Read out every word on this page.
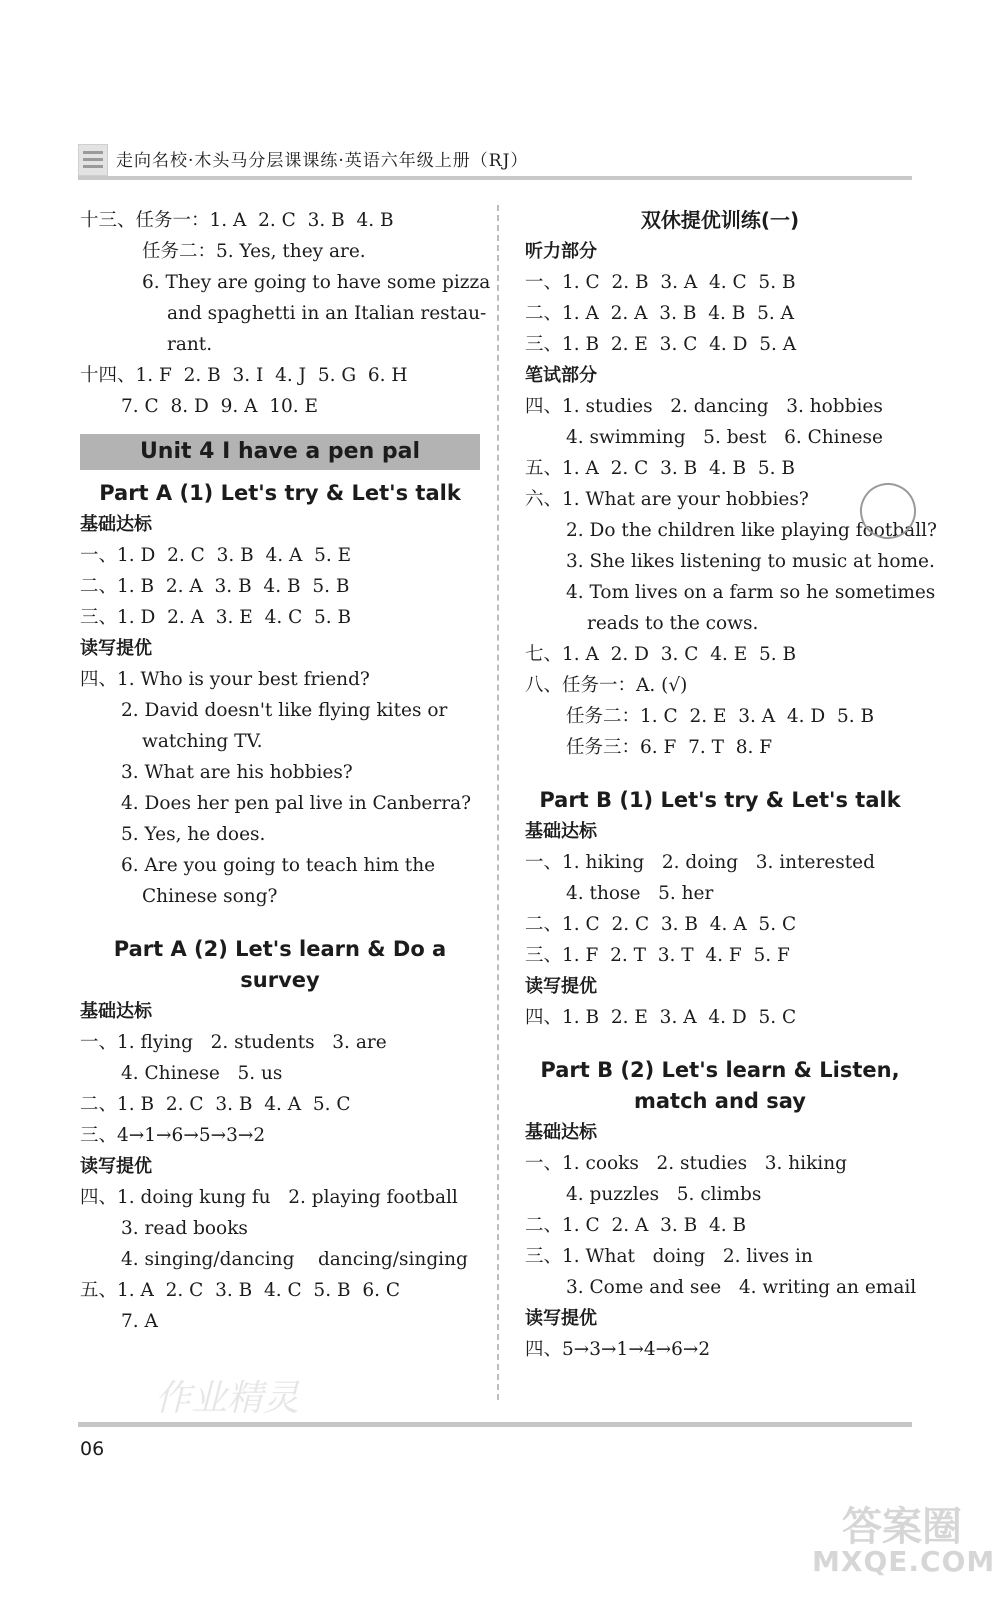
走向名校·木头马分层课课练·英语六年级上册（RJ）
十三、任务一：1. A  2. C  3. B  4. B
任务二：5. Yes, they are.
6. They are going to have some pizza
and spaghetti in an Italian restau-
rant.
十四、1. F  2. B  3. I  4. J  5. G  6. H
7. C  8. D  9. A  10. E
Unit 4 I have a pen pal
Part A (1) Let's try & Let's talk
基础达标
一、1. D  2. C  3. B  4. A  5. E
二、1. B  2. A  3. B  4. B  5. B
三、1. D  2. A  3. E  4. C  5. B
读写提优
四、1. Who is your best friend?
2. David doesn't like flying kites or
watching TV.
3. What are his hobbies?
4. Does her pen pal live in Canberra?
5. Yes, he does.
6. Are you going to teach him the
Chinese song?
Part A (2) Let's learn & Do a
survey
基础达标
一、1. flying   2. students   3. are
4. Chinese   5. us
二、1. B  2. C  3. B  4. A  5. C
三、4→1→6→5→3→2
读写提优
四、1. doing kung fu   2. playing football
3. read books
4. singing/dancing    dancing/singing
五、1. A  2. C  3. B  4. C  5. B  6. C
7. A
双休提优训练(一)
听力部分
一、1. C  2. B  3. A  4. C  5. B
二、1. A  2. A  3. B  4. B  5. A
三、1. B  2. E  3. C  4. D  5. A
笔试部分
四、1. studies   2. dancing   3. hobbies
4. swimming   5. best   6. Chinese
五、1. A  2. C  3. B  4. B  5. B
六、1. What are your hobbies?
2. Do the children like playing football?
3. She likes listening to music at home.
4. Tom lives on a farm so he sometimes
reads to the cows.
七、1. A  2. D  3. C  4. E  5. B
八、任务一：A. (√)
任务二：1. C  2. E  3. A  4. D  5. B
任务三：6. F  7. T  8. F
Part B (1) Let's try & Let's talk
基础达标
一、1. hiking   2. doing   3. interested
4. those   5. her
二、1. C  2. C  3. B  4. A  5. C
三、1. F  2. T  3. T  4. F  5. F
读写提优
四、1. B  2. E  3. A  4. D  5. C
Part B (2) Let's learn & Listen,
match and say
基础达标
一、1. cooks   2. studies   3. hiking
4. puzzles   5. climbs
二、1. C  2. A  3. B  4. B
三、1. What   doing   2. lives in
3. Come and see   4. writing an email
读写提优
四、5→3→1→4→6→2
作业精灵
06
答案圈
MXQE.COM
